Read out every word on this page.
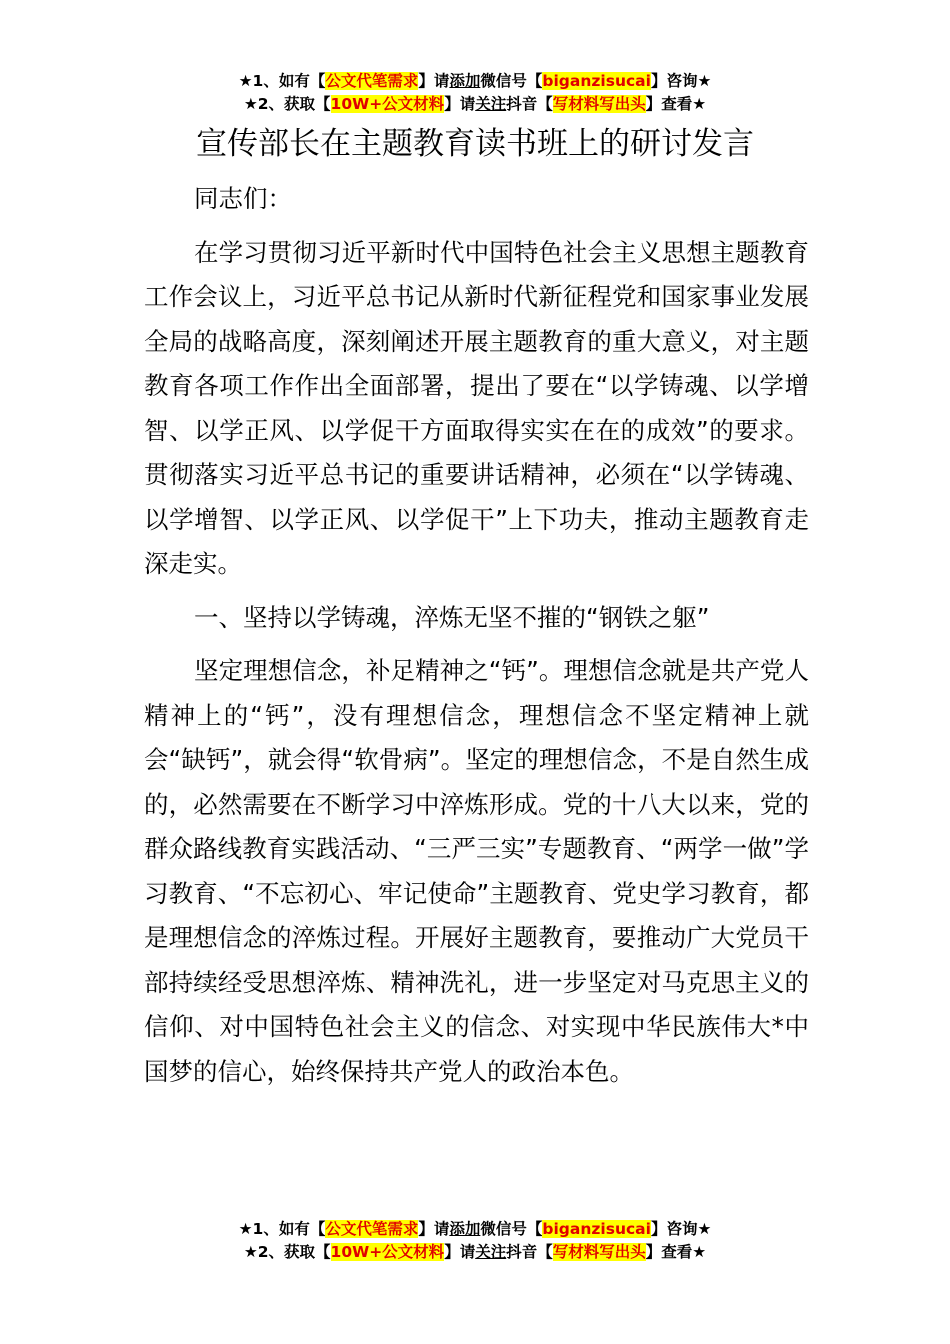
★1、如有【公文代笔需求】请添加微信号【biganzisucai】咨询★
★2、获取【10W+公文材料】请关注抖音【写材料写出头】查看★
宣传部长在主题教育读书班上的研讨发言

同志们：

在学习贯彻习近平新时代中国特色社会主义思想主题教育工作会议上，习近平总书记从新时代新征程党和国家事业发展全局的战略高度，深刻阐述开展主题教育的重大意义，对主题教育各项工作作出全面部署，提出了要在“以学铸魂、以学增智、以学正风、以学促干方面取得实实在在的成效”的要求。贯彻落实习近平总书记的重要讲话精神，必须在“以学铸魂、以学增智、以学正风、以学促干”上下功夫，推动主题教育走深走实。

一、坚持以学铸魂，淬炼无坚不摧的“钢铁之躯”

坚定理想信念，补足精神之“钙”。理想信念就是共产党人精神上的“钙”，没有理想信念，理想信念不坚定精神上就会“缺钙”，就会得“软骨病”。坚定的理想信念，不是自然生成的，必然需要在不断学习中淬炼形成。党的十八大以来，党的群众路线教育实践活动、“三严三实”专题教育、“两学一做”学习教育、“不忘初心、牢记使命”主题教育、党史学习教育，都是理想信念的淬炼过程。开展好主题教育，要推动广大党员干部持续经受思想淬炼、精神洗礼，进一步坚定对马克思主义的信仰、对中国特色社会主义的信念、对实现中华民族伟大*中国梦的信心，始终保持共产党人的政治本色。

★1、如有【公文代笔需求】请添加微信号【biganzisucai】咨询★
★2、获取【10W+公文材料】请关注抖音【写材料写出头】查看★
